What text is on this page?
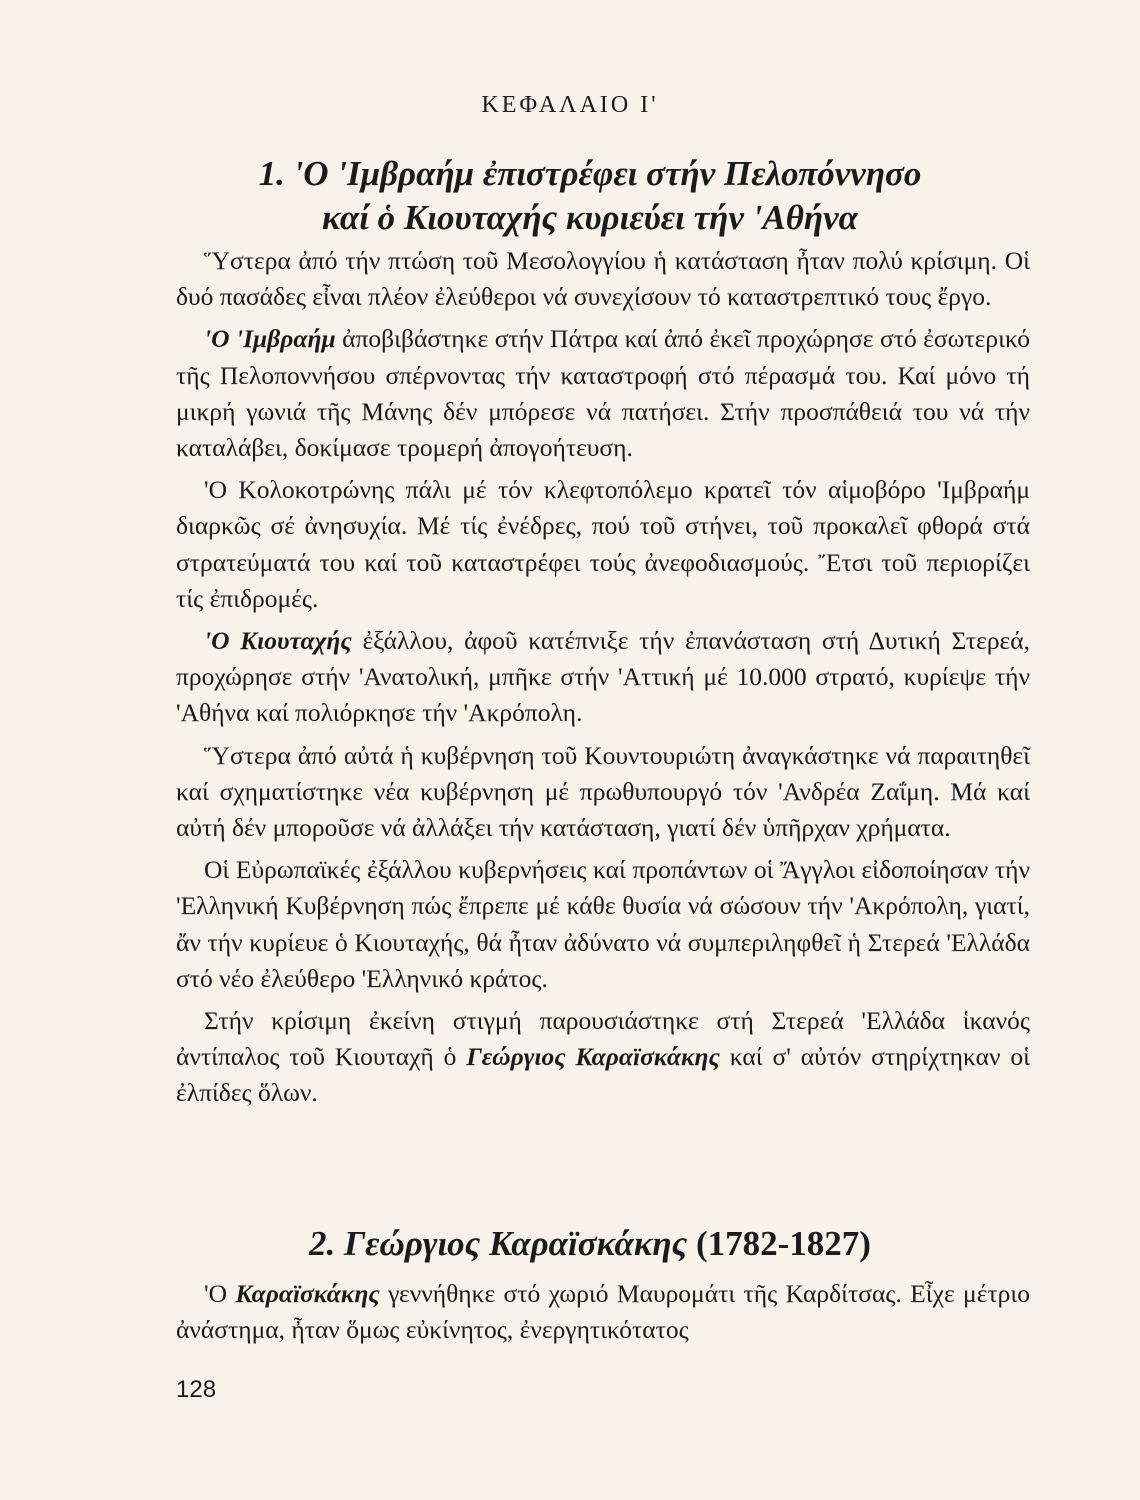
ΚΕΦΑΛΑΙΟ Ι'
1. 'Ο 'Ιμβραήμ ἐπιστρέφει στήν Πελοπόννησο
καί ὁ Κιουταχής κυριεύει τήν 'Αθήνα

Ὕστερα ἀπό τήν πτώση τοῦ Μεσολογγίου ἡ κατάσταση ἦταν πολύ κρίσιμη. Οἱ δυό πασάδες εἶναι πλέον ἐλεύθεροι νά συνεχίσουν τό καταστρεπτικό τους ἔργο.

'Ο 'Ιμβραήμ ἀποβιβάστηκε στήν Πάτρα καί ἀπό ἐκεῖ προχώρησε στό ἐσωτερικό τῆς Πελοποννήσου σπέρνοντας τήν καταστροφή στό πέρασμά του. Καί μόνο τή μικρή γωνιά τῆς Μάνης δέν μπόρεσε νά πατήσει. Στήν προσπάθειά του νά τήν καταλάβει, δοκίμασε τρομερή ἀπογοήτευση.

'Ο Κολοκοτρώνης πάλι μέ τόν κλεφτοπόλεμο κρατεῖ τόν αἱμοβόρο 'Ιμβραήμ διαρκῶς σέ ἀνησυχία. Μέ τίς ἐνέδρες, πού τοῦ στήνει, τοῦ προκαλεῖ φθορά στά στρατεύματά του καί τοῦ καταστρέφει τούς ἀνεφοδιασμούς. Ἔτσι τοῦ περιορίζει τίς ἐπιδρομές.

'Ο Κιουταχής ἐξάλλου, ἀφοῦ κατέπνιξε τήν ἐπανάσταση στή Δυτική Στερεά, προχώρησε στήν 'Ανατολική, μπῆκε στήν 'Αττική μέ 10.000 στρατό, κυρίεψε τήν 'Αθήνα καί πολιόρκησε τήν 'Ακρόπολη.

Ὕστερα ἀπό αὐτά ἡ κυβέρνηση τοῦ Κουντουριώτη ἀναγκάστηκε νά παραιτηθεῖ καί σχηματίστηκε νέα κυβέρνηση μέ πρωθυπουργό τόν 'Ανδρέα Ζαΐμη. Μά καί αὐτή δέν μποροῦσε νά ἀλλάξει τήν κατάσταση, γιατί δέν ὑπῆρχαν χρήματα.

Οἱ Εὐρωπαϊκές ἐξάλλου κυβερνήσεις καί προπάντων οἱ Ἄγγλοι εἰδοποίησαν τήν 'Ελληνική Κυβέρνηση πώς ἔπρεπε μέ κάθε θυσία νά σώσουν τήν 'Ακρόπολη, γιατί, ἄν τήν κυρίευε ὁ Κιουταχής, θά ἦταν ἀδύνατο νά συμπεριληφθεῖ ἡ Στερεά 'Ελλάδα στό νέο ἐλεύθερο 'Ελληνικό κράτος.

Στήν κρίσιμη ἐκείνη στιγμή παρουσιάστηκε στή Στερεά 'Ελλάδα ἱκανός ἀντίπαλος τοῦ Κιουταχῆ ὁ Γεώργιος Καραϊσκάκης καί σ' αὐτόν στηρίχτηκαν οἱ ἐλπίδες ὅλων.

2. Γεώργιος Καραϊσκάκης (1782-1827)

'Ο Καραϊσκάκης γεννήθηκε στό χωριό Μαυρομάτι τῆς Καρδίτσας. Εἶχε μέτριο ἀνάστημα, ἦταν ὅμως εὐκίνητος, ἐνεργητικότατος

128
